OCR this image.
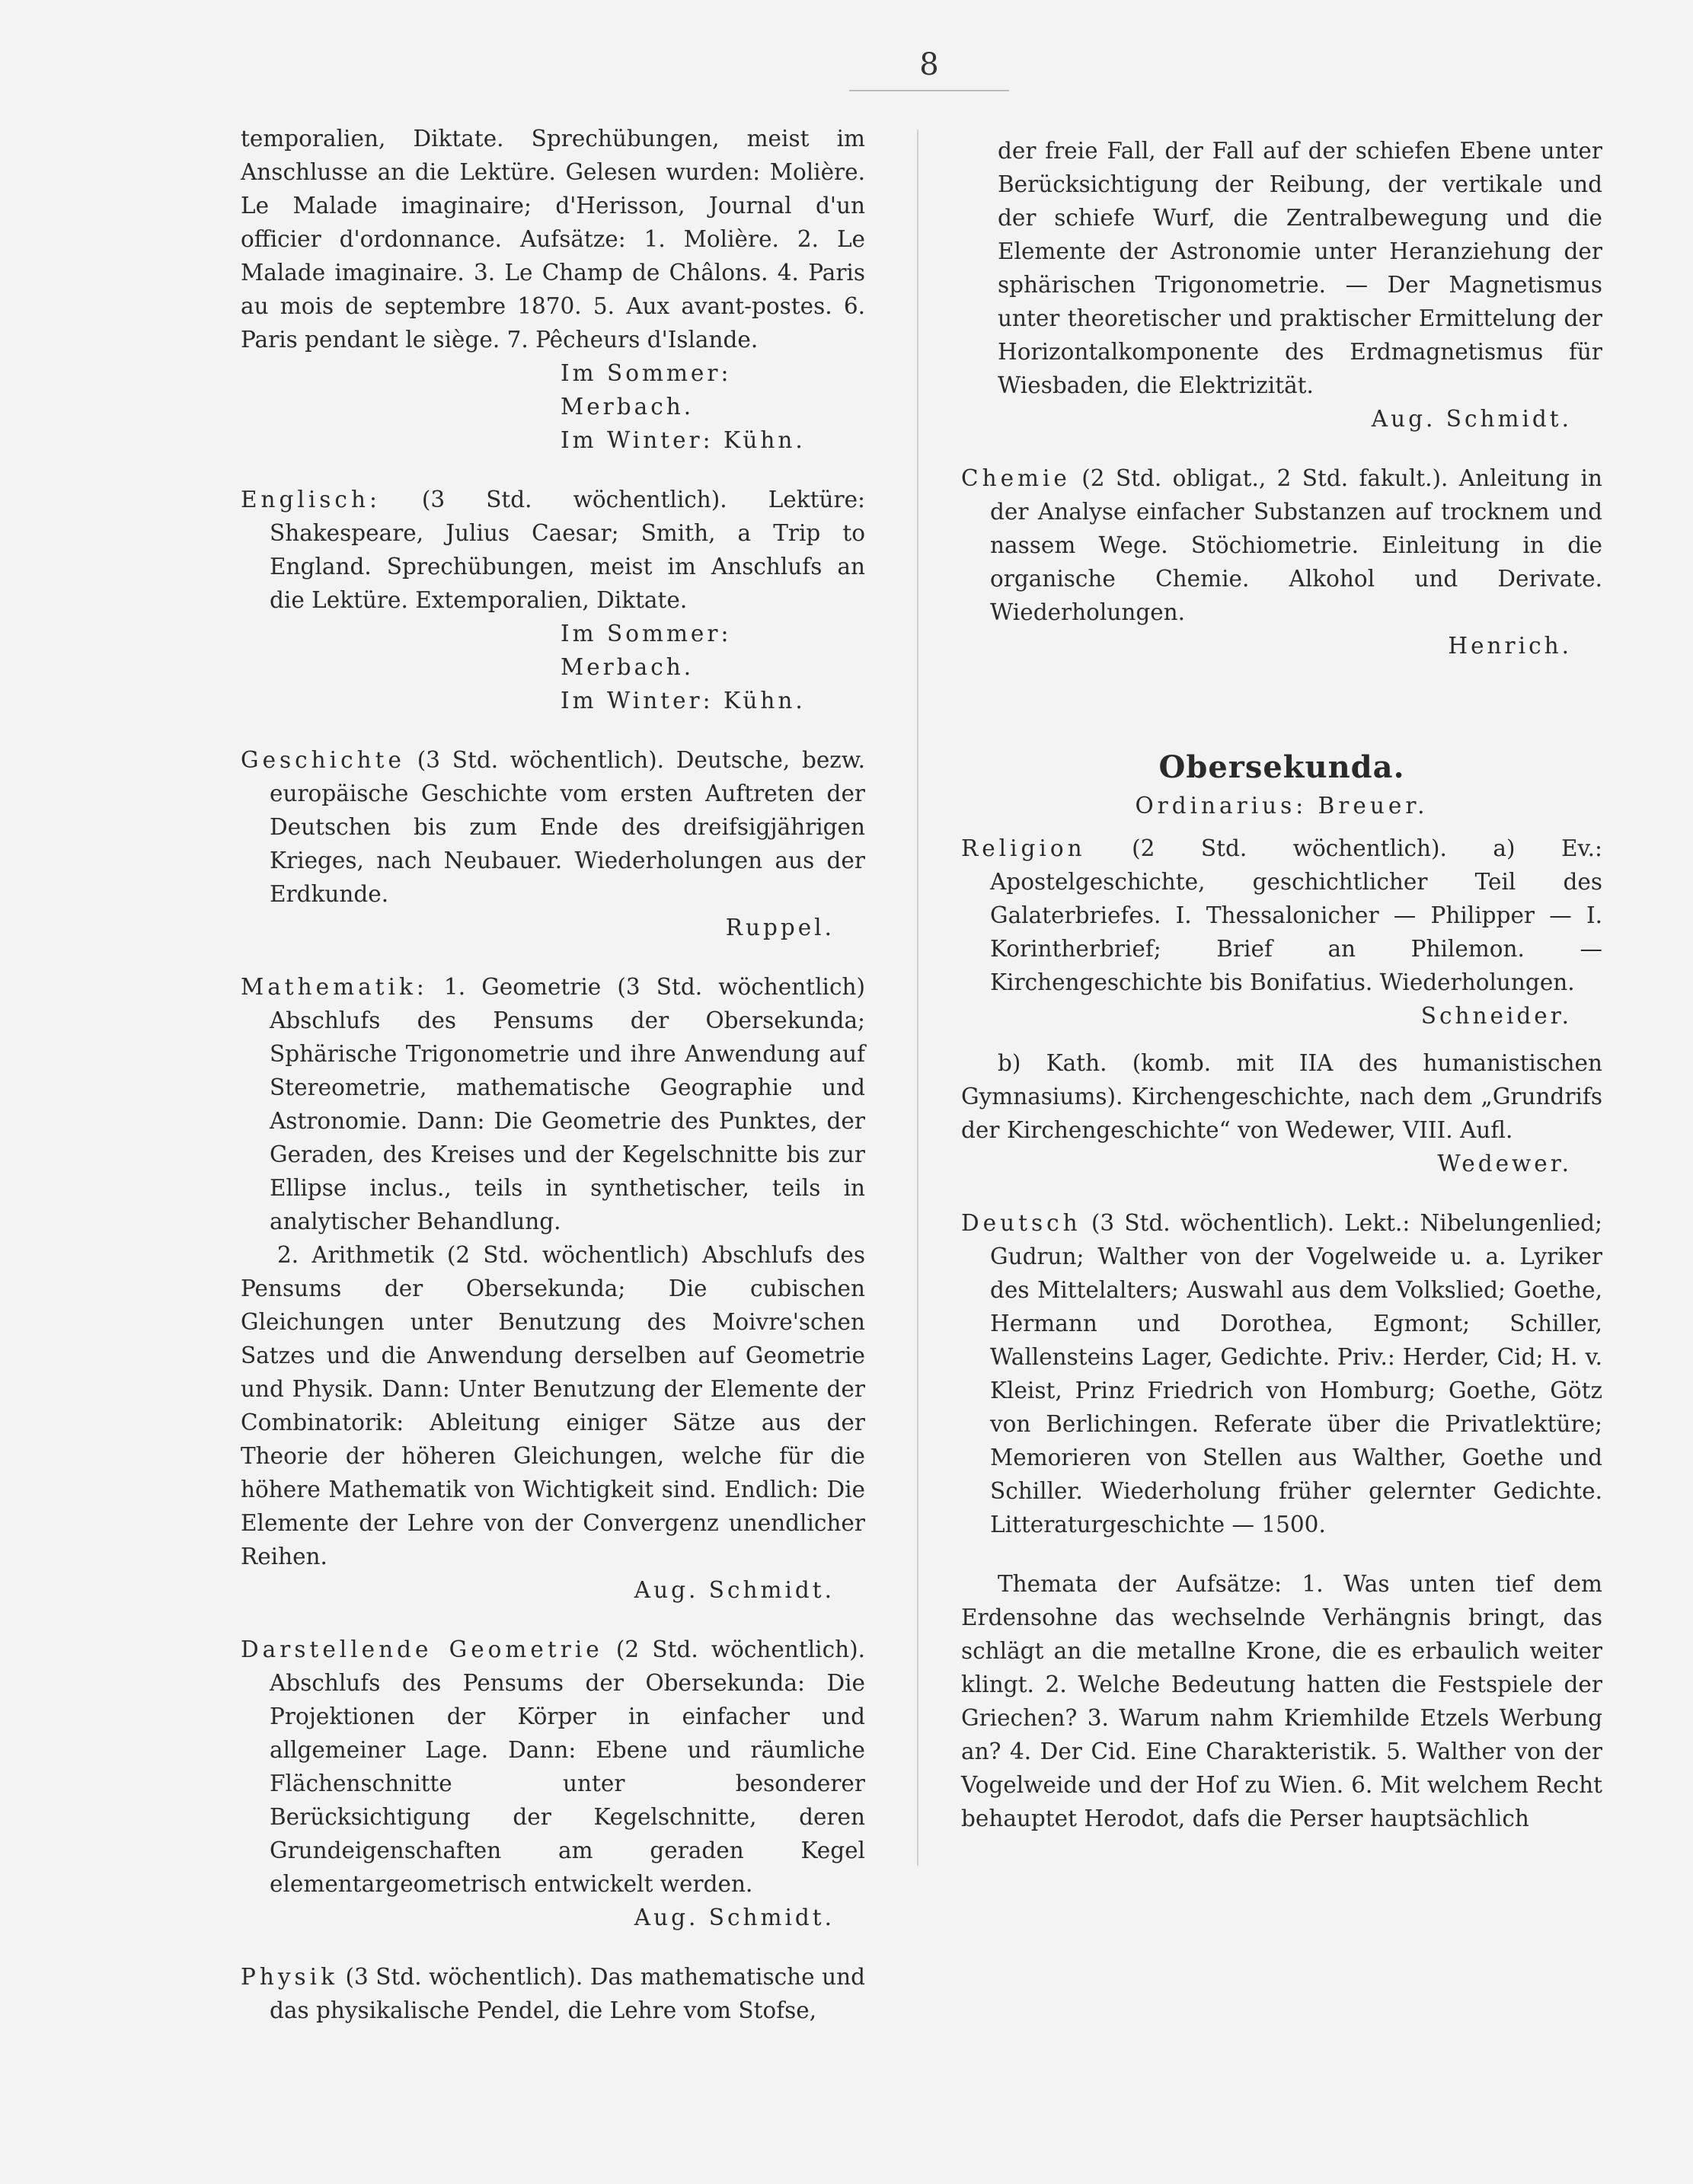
8

temporalien, Diktate. Sprechübungen, meist im Anschlusse an die Lektüre. Gelesen wurden: Molière. Le Malade imaginaire; d'Herisson, Journal d'un officier d'ordonnance. Aufsätze: 1. Molière. 2. Le Malade imaginaire. 3. Le Champ de Châlons. 4. Paris au mois de septembre 1870. 5. Aux avant-postes. 6. Paris pendant le siège. 7. Pêcheurs d'Islande.

Im Sommer: Merbach.

Im Winter: Kühn.

Englisch: (3 Std. wöchentlich). Lektüre: Shakespeare, Julius Caesar; Smith, a Trip to England. Sprechübungen, meist im Anschlufs an die Lektüre. Extemporalien, Diktate.

Im Sommer: Merbach.

Im Winter: Kühn.

Geschichte (3 Std. wöchentlich). Deutsche, bezw. europäische Geschichte vom ersten Auftreten der Deutschen bis zum Ende des dreifsigjährigen Krieges, nach Neubauer. Wiederholungen aus der Erdkunde.

Ruppel.

Mathematik: 1. Geometrie (3 Std. wöchentlich) Abschlufs des Pensums der Obersekunda; Sphärische Trigonometrie und ihre Anwendung auf Stereometrie, mathematische Geographie und Astronomie. Dann: Die Geometrie des Punktes, der Geraden, des Kreises und der Kegelschnitte bis zur Ellipse inclus., teils in synthetischer, teils in analytischer Behandlung.

2. Arithmetik (2 Std. wöchentlich) Abschlufs des Pensums der Obersekunda; Die cubischen Gleichungen unter Benutzung des Moivre'schen Satzes und die Anwendung derselben auf Geometrie und Physik. Dann: Unter Benutzung der Elemente der Combinatorik: Ableitung einiger Sätze aus der Theorie der höheren Gleichungen, welche für die höhere Mathematik von Wichtigkeit sind. Endlich: Die Elemente der Lehre von der Convergenz unendlicher Reihen.

Aug. Schmidt.

Darstellende Geometrie (2 Std. wöchentlich). Abschlufs des Pensums der Obersekunda: Die Projektionen der Körper in einfacher und allgemeiner Lage. Dann: Ebene und räumliche Flächenschnitte unter besonderer Berücksichtigung der Kegelschnitte, deren Grundeigenschaften am geraden Kegel elementargeometrisch entwickelt werden.

Aug. Schmidt.

Physik (3 Std. wöchentlich). Das mathematische und das physikalische Pendel, die Lehre vom Stofse,

der freie Fall, der Fall auf der schiefen Ebene unter Berücksichtigung der Reibung, der vertikale und der schiefe Wurf, die Zentralbewegung und die Elemente der Astronomie unter Heranziehung der sphärischen Trigonometrie. — Der Magnetismus unter theoretischer und praktischer Ermittelung der Horizontalkomponente des Erdmagnetismus für Wiesbaden, die Elektrizität.

Aug. Schmidt.

Chemie (2 Std. obligat., 2 Std. fakult.). Anleitung in der Analyse einfacher Substanzen auf trocknem und nassem Wege. Stöchiometrie. Einleitung in die organische Chemie. Alkohol und Derivate. Wiederholungen.

Henrich.

Obersekunda.

Ordinarius: Breuer.

Religion (2 Std. wöchentlich). a) Ev.: Apostelgeschichte, geschichtlicher Teil des Galaterbriefes. I. Thessalonicher — Philipper — I. Korintherbrief; Brief an Philemon. — Kirchengeschichte bis Bonifatius. Wiederholungen.

Schneider.

b) Kath. (komb. mit IIA des humanistischen Gymnasiums). Kirchengeschichte, nach dem „Grundrifs der Kirchengeschichte“ von Wedewer, VIII. Aufl.

Wedewer.

Deutsch (3 Std. wöchentlich). Lekt.: Nibelungenlied; Gudrun; Walther von der Vogelweide u. a. Lyriker des Mittelalters; Auswahl aus dem Volkslied; Goethe, Hermann und Dorothea, Egmont; Schiller, Wallensteins Lager, Gedichte. Priv.: Herder, Cid; H. v. Kleist, Prinz Friedrich von Homburg; Goethe, Götz von Berlichingen. Referate über die Privatlektüre; Memorieren von Stellen aus Walther, Goethe und Schiller. Wiederholung früher gelernter Gedichte. Litteraturgeschichte — 1500.

Themata der Aufsätze: 1. Was unten tief dem Erdensohne das wechselnde Verhängnis bringt, das schlägt an die metallne Krone, die es erbaulich weiter klingt. 2. Welche Bedeutung hatten die Festspiele der Griechen? 3. Warum nahm Kriemhilde Etzels Werbung an? 4. Der Cid. Eine Charakteristik. 5. Walther von der Vogelweide und der Hof zu Wien. 6. Mit welchem Recht behauptet Herodot, dafs die Perser hauptsächlich
